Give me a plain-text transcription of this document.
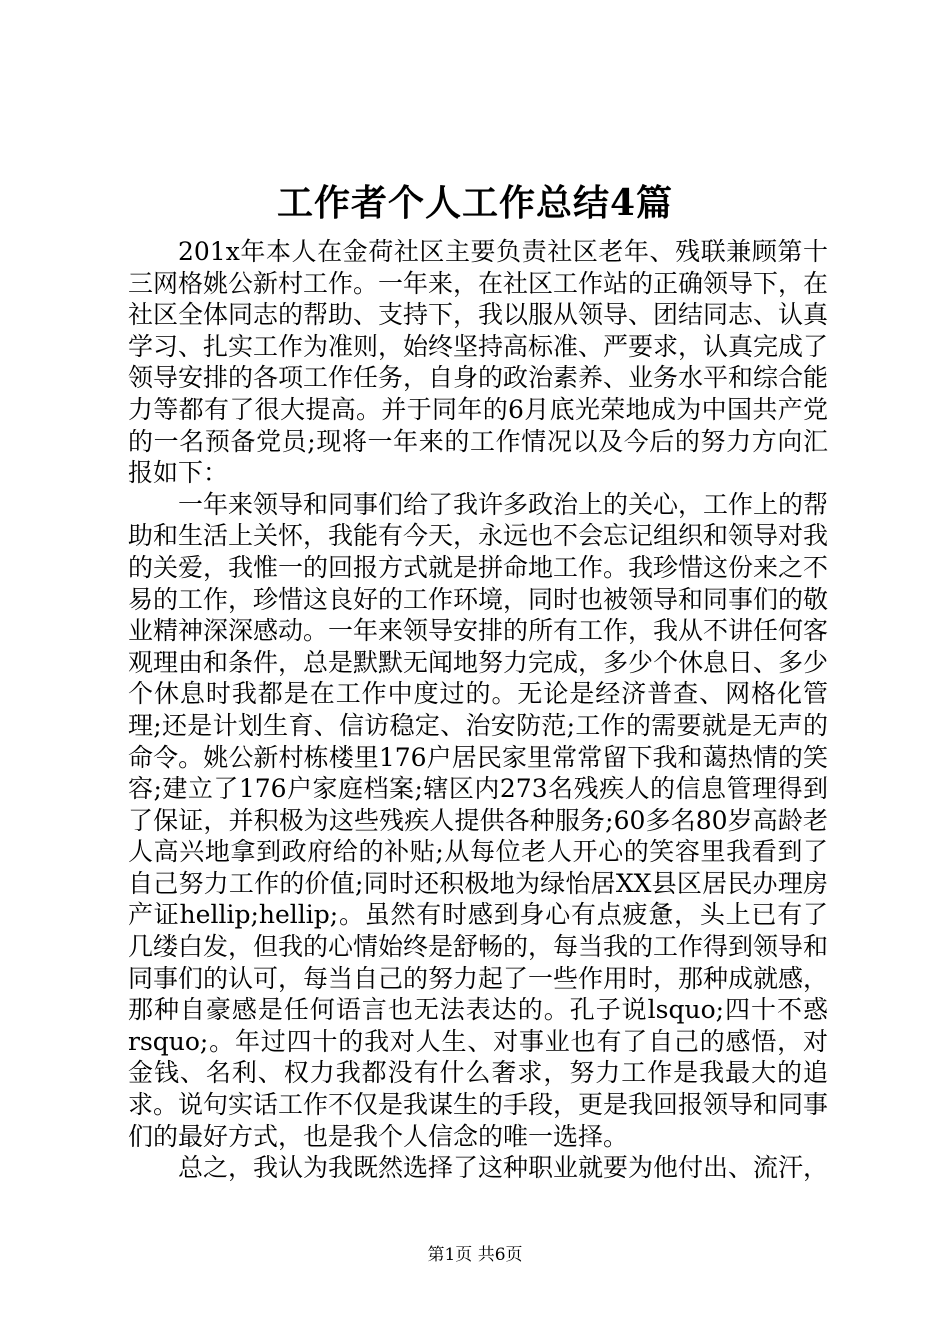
工作者个人工作总结4篇

201x年本人在金荷社区主要负责社区老年、残联兼顾第十三网格姚公新村工作。一年来，在社区工作站的正确领导下，在社区全体同志的帮助、支持下，我以服从领导、团结同志、认真学习、扎实工作为准则，始终坚持高标准、严要求，认真完成了领导安排的各项工作任务，自身的政治素养、业务水平和综合能力等都有了很大提高。并于同年的6月底光荣地成为中国共产党的一名预备党员;现将一年来的工作情况以及今后的努力方向汇报如下：

一年来领导和同事们给了我许多政治上的关心，工作上的帮助和生活上关怀，我能有今天，永远也不会忘记组织和领导对我的关爱，我惟一的回报方式就是拼命地工作。我珍惜这份来之不易的工作，珍惜这良好的工作环境，同时也被领导和同事们的敬业精神深深感动。一年来领导安排的所有工作，我从不讲任何客观理由和条件，总是默默无闻地努力完成，多少个休息日、多少个休息时我都是在工作中度过的。无论是经济普查、网格化管理;还是计划生育、信访稳定、治安防范;工作的需要就是无声的命令。姚公新村栋楼里176户居民家里常常留下我和蔼热情的笑容;建立了176户家庭档案;辖区内273名残疾人的信息管理得到了保证，并积极为这些残疾人提供各种服务;60多名80岁高龄老人高兴地拿到政府给的补贴;从每位老人开心的笑容里我看到了自己努力工作的价值;同时还积极地为绿怡居XX县区居民办理房产证hellip;hellip;。虽然有时感到身心有点疲惫，头上已有了几缕白发，但我的心情始终是舒畅的，每当我的工作得到领导和同事们的认可，每当自己的努力起了一些作用时，那种成就感，那种自豪感是任何语言也无法表达的。孔子说lsquo;四十不惑rsquo;。年过四十的我对人生、对事业也有了自己的感悟，对金钱、名利、权力我都没有什么奢求，努力工作是我最大的追求。说句实话工作不仅是我谋生的手段，更是我回报领导和同事们的最好方式，也是我个人信念的唯一选择。

总之，我认为我既然选择了这种职业就要为他付出、流汗，

第1页 共6页
